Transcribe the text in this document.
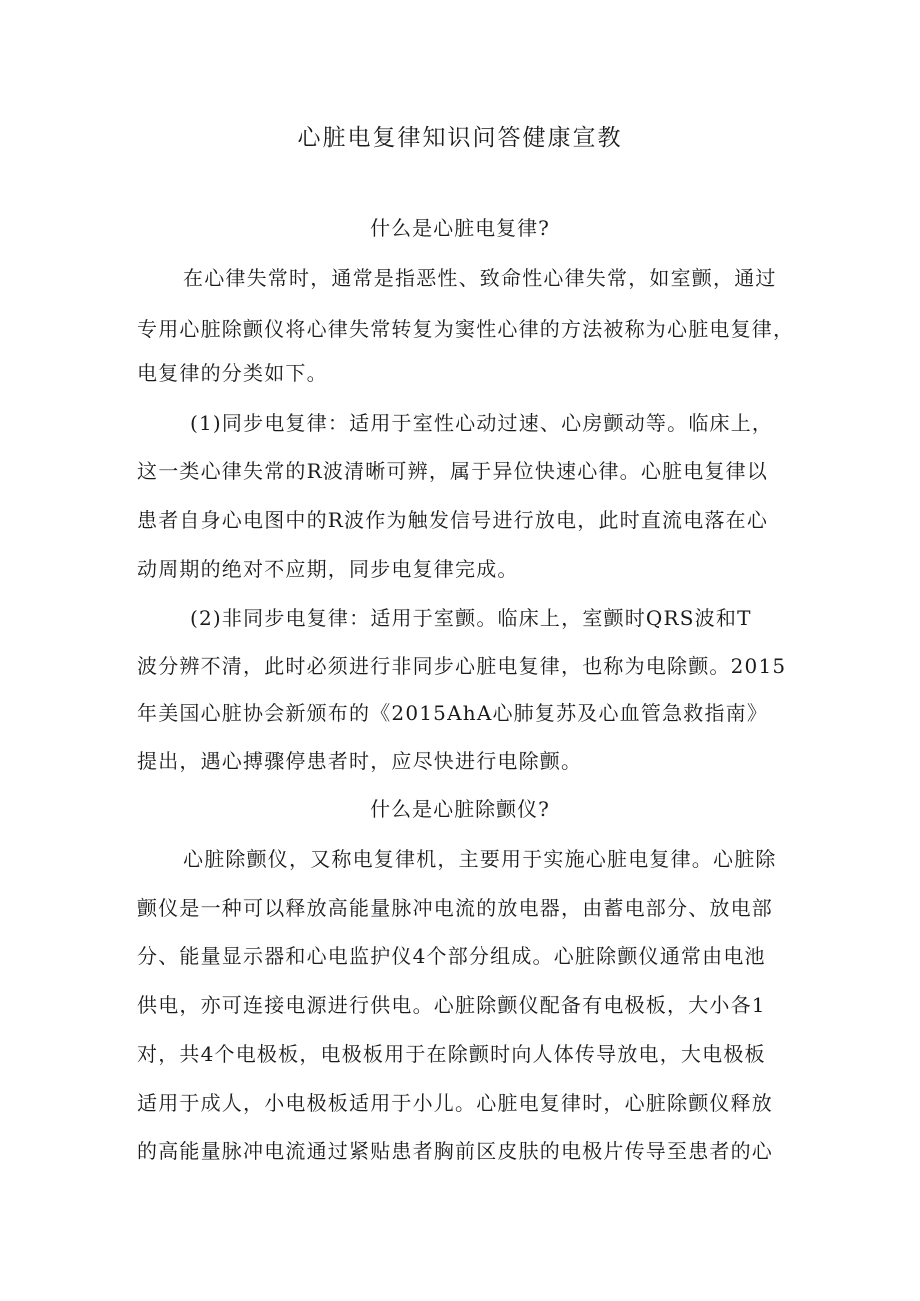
心脏电复律知识问答健康宣教
什么是心脏电复律?

在心律失常时，通常是指恶性、致命性心律失常，如室颤，通过

专用心脏除颤仪将心律失常转复为窦性心律的方法被称为心脏电复律，

电复律的分类如下。

(1)同步电复律：适用于室性心动过速、心房颤动等。临床上，

这一类心律失常的R波清晰可辨，属于异位快速心律。心脏电复律以

患者自身心电图中的R波作为触发信号进行放电，此时直流电落在心

动周期的绝对不应期，同步电复律完成。

(2)非同步电复律：适用于室颤。临床上，室颤时QRS波和T

波分辨不清，此时必须进行非同步心脏电复律，也称为电除颤。2015

年美国心脏协会新颁布的《2015AhA心肺复苏及心血管急救指南》

提出，遇心搏骤停患者时，应尽快进行电除颤。

什么是心脏除颤仪?

心脏除颤仪，又称电复律机，主要用于实施心脏电复律。心脏除

颤仪是一种可以释放高能量脉冲电流的放电器，由蓄电部分、放电部

分、能量显示器和心电监护仪4个部分组成。心脏除颤仪通常由电池

供电，亦可连接电源进行供电。心脏除颤仪配备有电极板，大小各1

对，共4个电极板，电极板用于在除颤时向人体传导放电，大电极板

适用于成人，小电极板适用于小儿。心脏电复律时，心脏除颤仪释放

的高能量脉冲电流通过紧贴患者胸前区皮肤的电极片传导至患者的心
